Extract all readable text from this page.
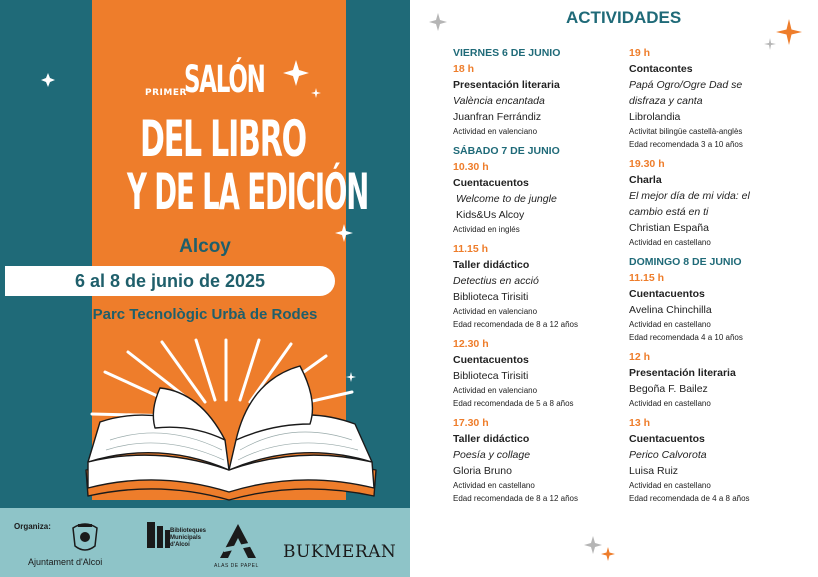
PRIMER
SALÓN
DEL LIBRO
Y DE LA EDICIÓN
Alcoy
6 al 8 de junio de 2025
Parc Tecnològic Urbà de Rodes
Organiza:
Ajuntament d'Alcoi
Biblioteques
Municipals
d'Alcoi
ALAS DE PAPEL
BUKMERAN
ACTIVIDADES
VIERNES 6 DE JUNIO
18 h
Presentación literaria
València encantada
Juanfran Ferrándiz
Actividad en valenciano
SÁBADO 7 DE JUNIO
10.30 h
Cuentacuentos
Welcome to de jungle
Kids&Us Alcoy
Actividad en inglés
11.15 h
Taller didáctico
Detectius en acció
Biblioteca Tirisiti
Actividad en valenciano
Edad recomendada de 8 a 12 años
12.30 h
Cuentacuentos
Biblioteca Tirisiti
Actividad en valenciano
Edad recomendada de 5 a 8 años
17.30 h
Taller didáctico
Poesía y collage
Gloria Bruno
Actividad en castellano
Edad recomendada de 8 a 12 años
19 h
Contacontes
Papá Ogro/Ogre Dad se
disfraza y canta
Librolandia
Activitat bilingüe castellà-anglès
Edad recomendada 3 a 10 años
19.30 h
Charla
El mejor día de mi vida: el
cambio está en ti
Christian España
Actividad en castellano
DOMINGO 8 DE JUNIO
11.15 h
Cuentacuentos
Avelina Chinchilla
Actividad en castellano
Edad recomendada 4 a 10 años
12 h
Presentación literaria
Begoña F. Bailez
Actividad en castellano
13 h
Cuentacuentos
Perico Calvorota
Luisa Ruiz
Actividad en castellano
Edad recomendada de 4 a 8 años
